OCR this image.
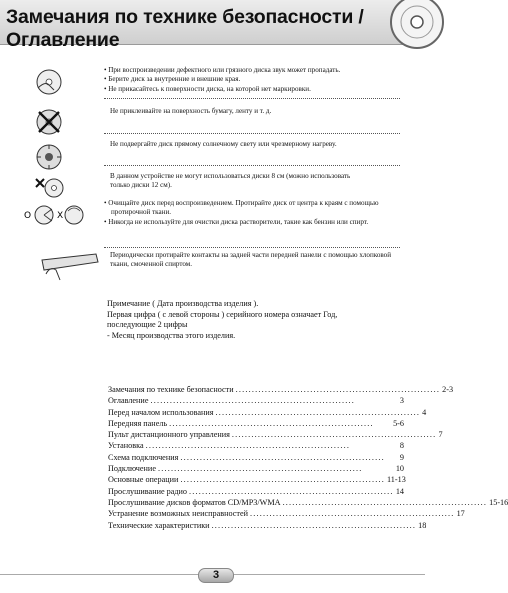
Замечания по технике безопасности / Оглавление
• При воспроизведении дефектного или грязного диска звук может пропадать.
• Берите диск за внутренние и внешние края.
• Не прикасайтесь к поверхности диска, на которой нет маркировки.

Не приклеивайте на поверхность бумагу, ленту и т. д.

Не подвергайте диск прямому солнечному свету или чрезмерному нагреву.

В данном устройстве не могут использоваться диски 8 см (можно использовать
только диски 12 см).

O	X
• Очищайте диск перед воспроизведением. Протирайте диск от центра к краям с помощью протирочной ткани.
• Никогда не используйте для очистки диска растворители, такие как бензин или спирт.

Периодически протирайте контакты на задней части передней панели с помощью хлопковой ткани, смоченной спиртом.

Примечание ( Дата производства изделия ).
Первая цифра ( с левой стороны ) серийного номера означает Год,
последующие 2 цифры
- Месяц производства этого изделия.
Замечания по технике безопасности ............................................................... 2-3
Оглавление ...............................................................	3
Перед началом использования ............................................................... 4
Передняя панель ...............................................................	5-6
Пульт дистанционного управления ............................................................... 7
Установка ...............................................................	8
Схема подключения ...............................................................	9
Подключение ...............................................................	10
Основные операции ............................................................... 11-13
Прослушивание радио ............................................................... 14
Прослушивание дисков форматов CD/MP3/WMA ............................................................... 15-16
Устранение возможных неисправностей ............................................................... 17
Технические характеристики ............................................................... 18
3
